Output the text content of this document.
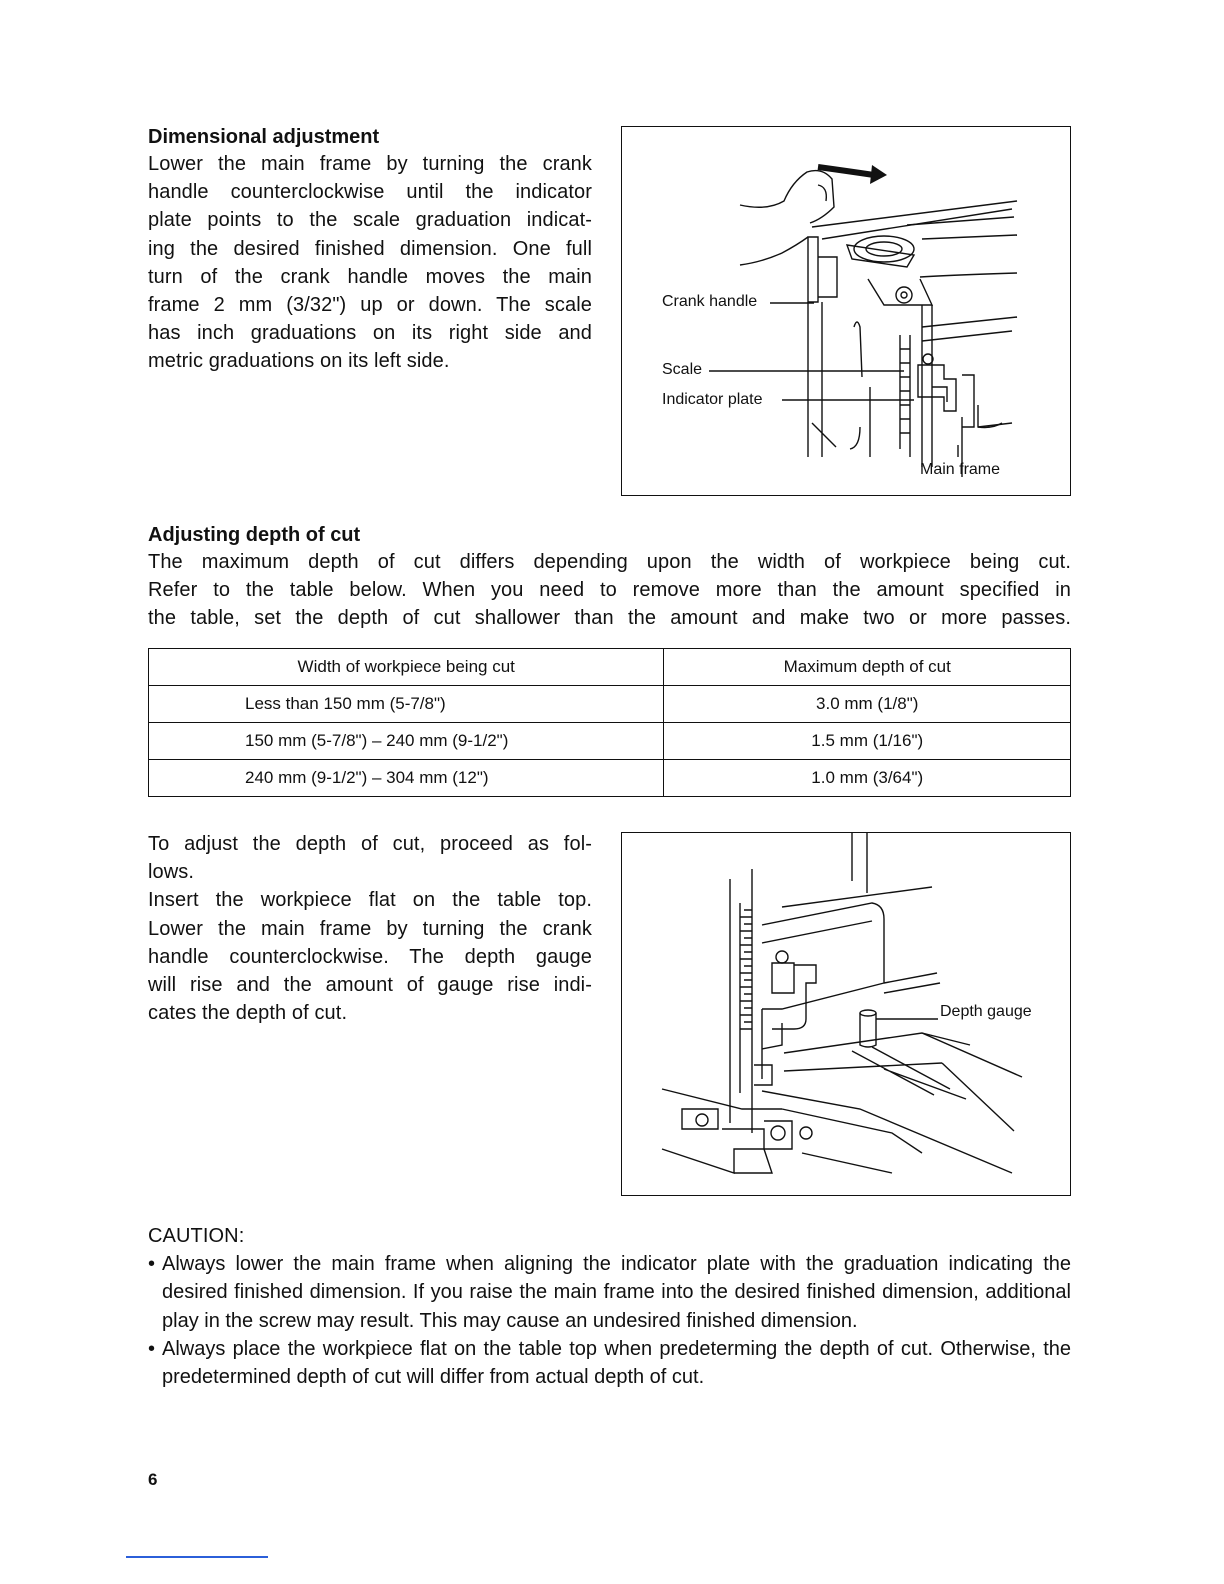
Dimensional adjustment
Lower the main frame by turning the crank
handle counterclockwise until the indicator
plate points to the scale graduation indicat-
ing the desired finished dimension. One full
turn of the crank handle moves the main
frame 2 mm (3/32") up or down. The scale
has inch graduations on its right side and
metric graduations on its left side.
Crank handle
Scale
Indicator plate
Main frame
Adjusting depth of cut
The maximum depth of cut differs depending upon the width of workpiece being cut.
Refer to the table below. When you need to remove more than the amount specified in
the table, set the depth of cut shallower than the amount and make two or more passes.
Width of workpiece being cut	Maximum depth of cut
Less than 150 mm (5-7/8")	3.0 mm (1/8")
150 mm (5-7/8") – 240 mm (9-1/2")	1.5 mm (1/16")
240 mm (9-1/2") – 304 mm (12")	1.0 mm (3/64")
To adjust the depth of cut, proceed as fol-
lows.
Insert the workpiece flat on the table top.
Lower the main frame by turning the crank
handle counterclockwise. The depth gauge
will rise and the amount of gauge rise indi-
cates the depth of cut.	Depth gauge
CAUTION:
• Always lower the main frame when aligning the indicator plate with the graduation indicating the desired finished dimension. If you raise the main frame into the desired finished dimension, additional play in the screw may result. This may cause an undesired finished dimension.
• Always place the workpiece flat on the table top when predeterming the depth of cut. Otherwise, the predetermined depth of cut will differ from actual depth of cut.
6
